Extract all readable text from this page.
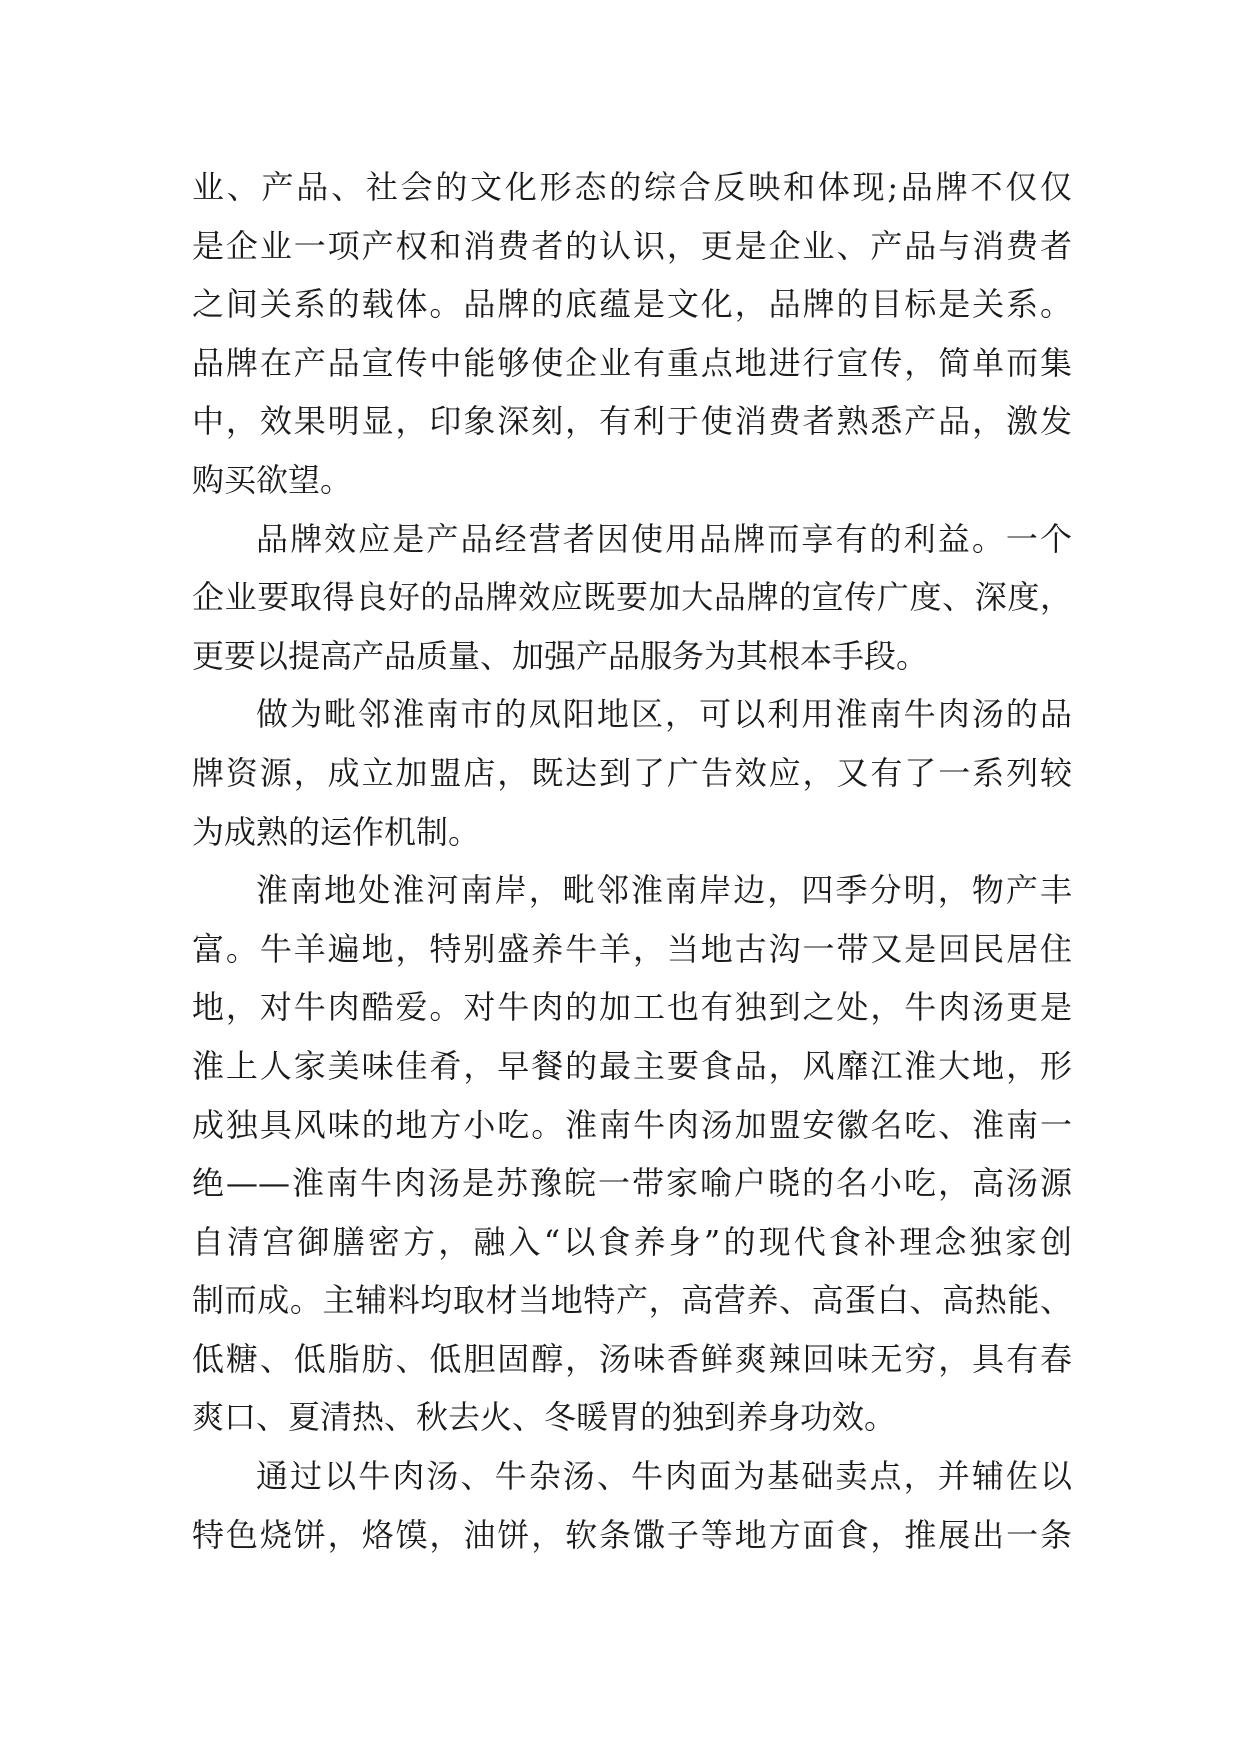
业、产品、社会的文化形态的综合反映和体现;品牌不仅仅
是企业一项产权和消费者的认识，更是企业、产品与消费者
之间关系的载体。品牌的底蕴是文化，品牌的目标是关系。
品牌在产品宣传中能够使企业有重点地进行宣传，简单而集
中，效果明显，印象深刻，有利于使消费者熟悉产品，激发
购买欲望。
品牌效应是产品经营者因使用品牌而享有的利益。一个
企业要取得良好的品牌效应既要加大品牌的宣传广度、深度，
更要以提高产品质量、加强产品服务为其根本手段。
做为毗邻淮南市的凤阳地区，可以利用淮南牛肉汤的品
牌资源，成立加盟店，既达到了广告效应，又有了一系列较
为成熟的运作机制。
淮南地处淮河南岸，毗邻淮南岸边，四季分明，物产丰
富。牛羊遍地，特别盛养牛羊，当地古沟一带又是回民居住
地，对牛肉酷爱。对牛肉的加工也有独到之处，牛肉汤更是
淮上人家美味佳肴，早餐的最主要食品，风靡江淮大地，形
成独具风味的地方小吃。淮南牛肉汤加盟安徽名吃、淮南一
绝——淮南牛肉汤是苏豫皖一带家喻户晓的名小吃，高汤源
自清宫御膳密方，融入“以食养身”的现代食补理念独家创
制而成。主辅料均取材当地特产，高营养、高蛋白、高热能、
低糖、低脂肪、低胆固醇，汤味香鲜爽辣回味无穷，具有春
爽口、夏清热、秋去火、冬暖胃的独到养身功效。
通过以牛肉汤、牛杂汤、牛肉面为基础卖点，并辅佐以
特色烧饼，烙馍，油饼，软条馓子等地方面食，推展出一条
